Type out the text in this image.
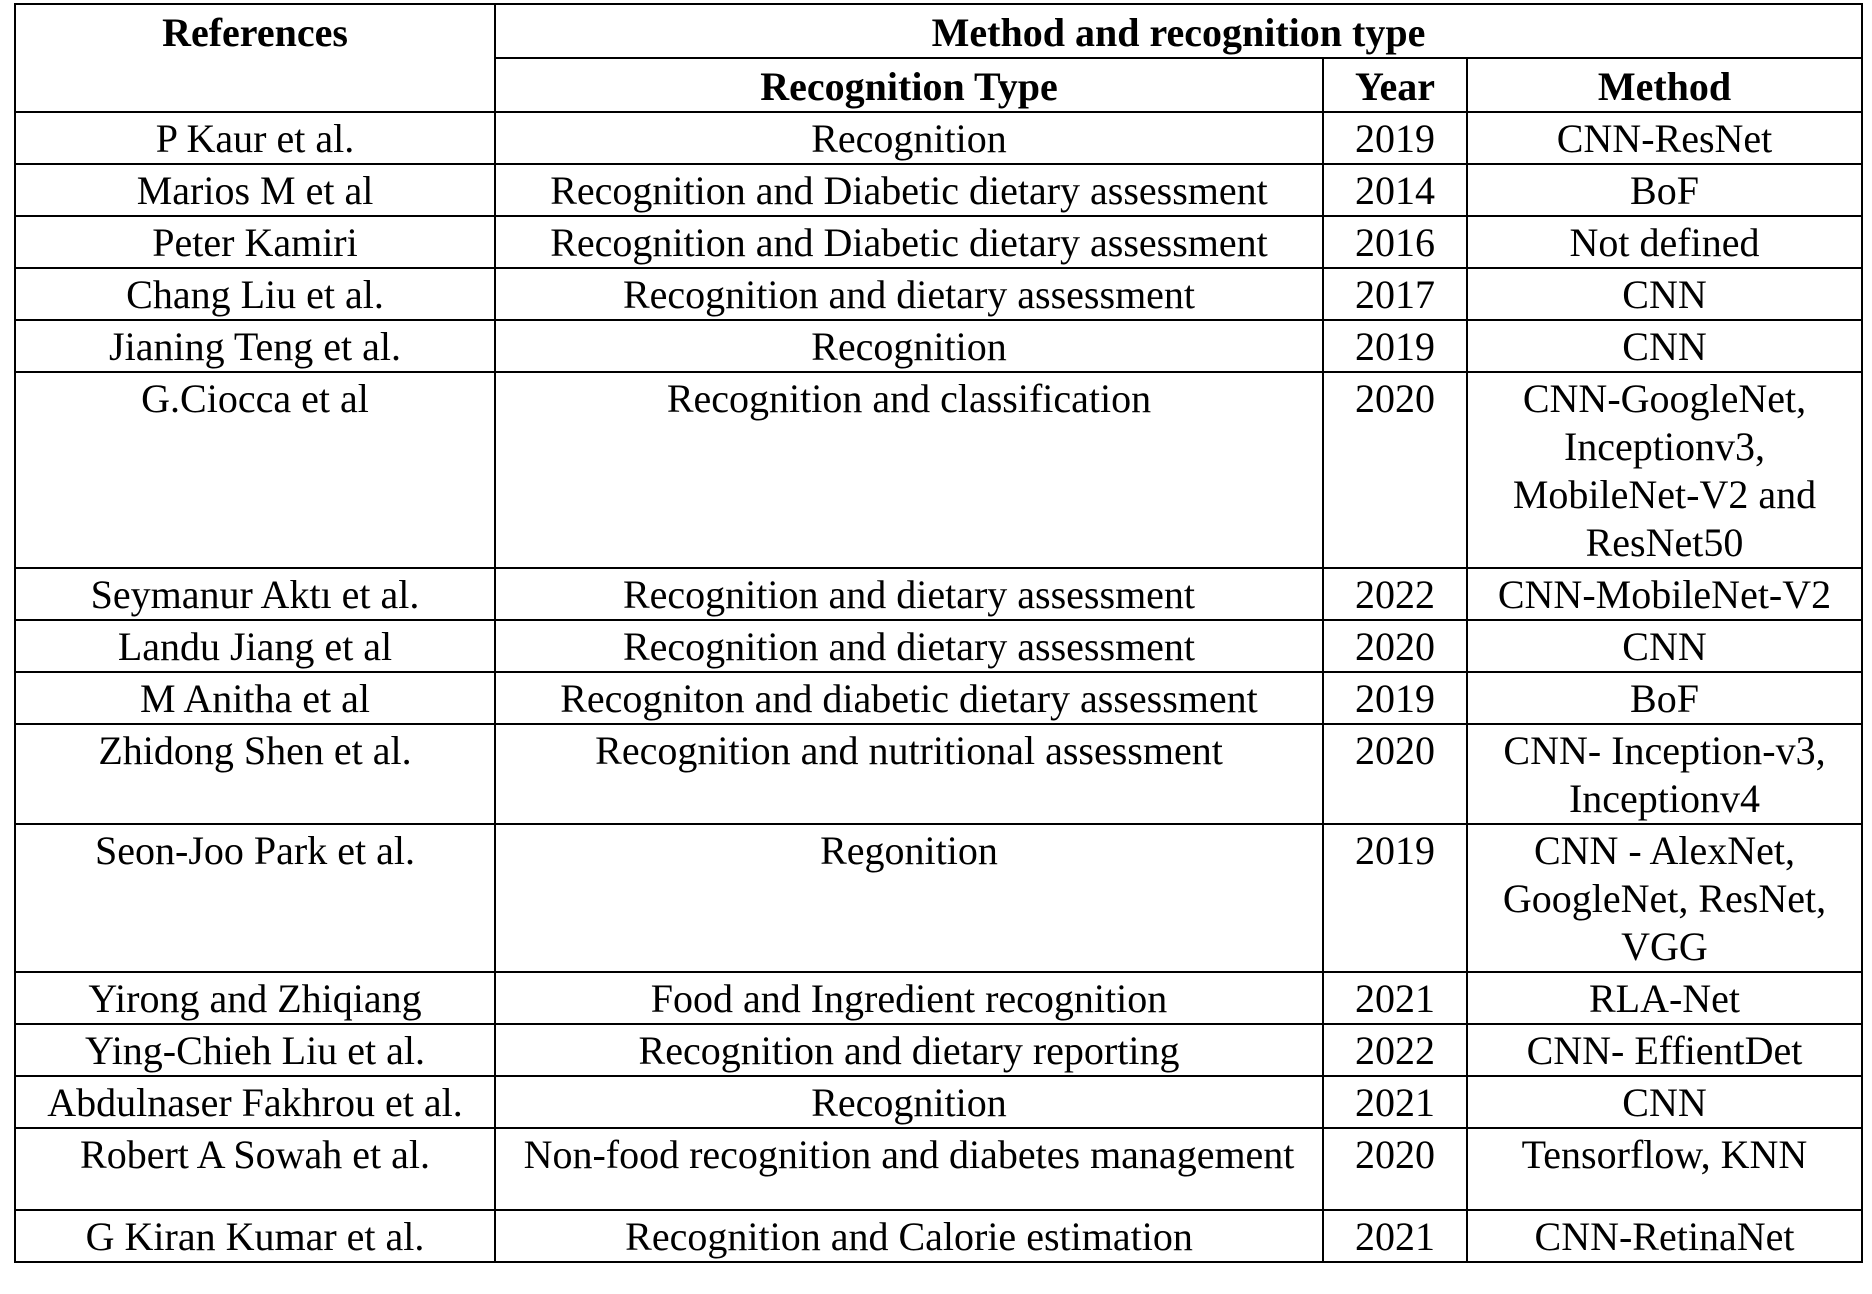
References	Method and recognition type		
	Recognition Type	Year	Method
P Kaur et al.	Recognition	2019	CNN-ResNet
Marios M et al	Recognition and Diabetic dietary assessment	2014	BoF
Peter Kamiri	Recognition and Diabetic dietary assessment	2016	Not defined
Chang Liu et al.	Recognition and dietary assessment	2017	CNN
Jianing Teng et al.	Recognition	2019	CNN
G.Ciocca et al	Recognition and classification	2020	CNN-GoogleNet, Inceptionv3, MobileNet-V2 and ResNet50
Seymanur Aktı et al.	Recognition and dietary assessment	2022	CNN-MobileNet-V2
Landu Jiang et al	Recognition and dietary assessment	2020	CNN
M Anitha et al	Recogniton and diabetic dietary assessment	2019	BoF
Zhidong Shen et al.	Recognition and nutritional assessment	2020	CNN- Inception-v3, Inceptionv4
Seon-Joo Park et al.	Regonition	2019	CNN - AlexNet, GoogleNet, ResNet, VGG
Yirong and Zhiqiang	Food and Ingredient recognition	2021	RLA-Net
Ying-Chieh Liu et al.	Recognition and dietary reporting	2022	CNN- EffientDet
Abdulnaser Fakhrou et al.	Recognition	2021	CNN
Robert A Sowah et al.	Non-food recognition and diabetes management	2020	Tensorflow, KNN
G Kiran Kumar et al.	Recognition and Calorie estimation	2021	CNN-RetinaNet
